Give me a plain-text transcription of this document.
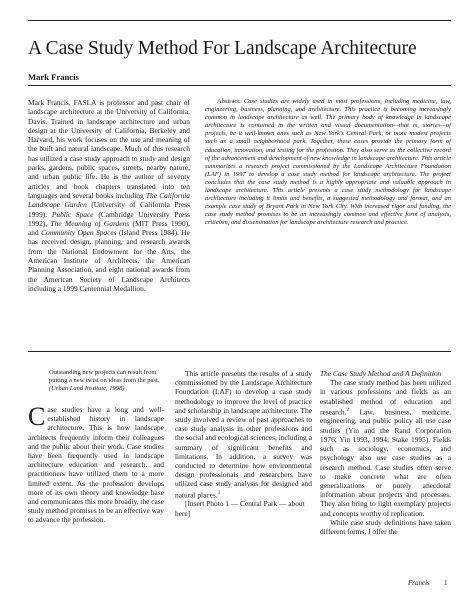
A Case Study Method For Landscape Architecture

Mark Francis

Mark Francis, FASLA is professor and past chair of landscape architecture at the University of California, Davis. Trained in landscape architecture and urban design at the University of California, Berkeley and Harvard, his work focuses on the use and meaning of the built and natural landscape. Much of this research has utilized a case study approach to study and design parks, gardens, public spaces, streets, nearby nature, and urban public life. He is the author of seventy articles and book chapters translated into ten languages and several books including The California Landscape Garden (University of California Press 1999), Public Space (Cambridge University Press 1992), The Meaning of Gardens (MIT Press 1990), and Community Open Spaces (Island Press 1984). He has received design, planning, and research awards from the National Endowment for the Arts, the American Institute of Architects, the American Planning Association, and eight national awards from the American Society of Landscape Architects including a 1999 Centennial Medallion.

Abstract: Case studies are widely used in most professions, including medicine, law, engineering, business, planning, and architecture. This practice is becoming increasingly common in landscape architecture as well. The primary body of knowledge in landscape architecture is contained in the written and visual documentation—that is, stories—of projects, be it well-known ones such as New York's Central Park, or more modest projects such as a small neighborhood park. Together, these cases provide the primary form of education, innovation, and testing for the profession. They also serve as the collective record of the advancement and development of new knowledge in landscape architecture. This article summarizes a research project commissioned by the Landscape Architecture Foundation (LAF) in 1997 to develop a case study method for landscape architecture. The project concludes that the case study method is a highly appropriate and valuable approach in landscape architecture. This article presents a case study methodology for landscape architecture including it limits and benefits, a suggested methodology and format, and an example case study of Bryant Park in New York City. With increased rigor and funding, the case study method promises to be an increasingly common and effective form of analysis, criticism, and dissemination for landscape architecture research and practice.

Outstanding new projects can result from putting a new twist on ideas from the past.

(Urban Land Institute, 1998)

Case studies have a long and well-established history in landscape architecture. This is how landscape architects frequently inform their colleagues and the public about their work. Case studies have been frequently used in landscape architecture education and research, and practitioners have utilized them to a more limited extent. As the profession develops more of its own theory and knowledge base and communicates this more broadly, the case study method promises to be an effective way to advance the profession.

This article presents the results of a study commissioned by the Landscape Architecture Foundation (LAF) to develop a case study methodology to improve the level of practice and scholarship in landscape architecture. The study involved a review of past approaches to case study analysis in other professions and the social and ecological sciences, including a summary of significant benefits and limitations. In addition, a survey was conducted to determine how environmental design professionals and researchers have utilized case study analysis for designed and natural places.$^1$

[Insert Photo 1 — Central Park — about here]

The Case Study Method and A Definition

The case study method has been utilized in various professions and fields as an established method of education and research.$^2$ Law, business, medicine, engineering, and public policy all use case studies (Yin and the Rand Corporation 1976; Yin 1993, 1994; Stake 1995). Fields such as sociology, economics, and psychology also use case studies as a research method. Case studies often serve to make concrete what are often generalizations or purely anecdotal information about projects and processes. They also bring to light exemplary projects and concepts worthy of replication.

While case study definitions have taken different forms, I offer the

Francis 1
